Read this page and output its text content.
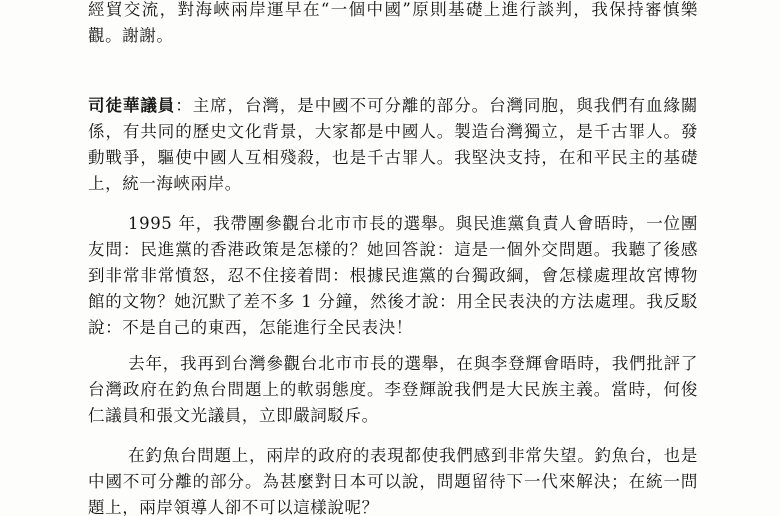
經貿交流，對海峽兩岸運早在“一個中國”原則基礎上進行談判，我保持審慎樂觀。謝謝。

司徒華議員：主席，台灣，是中國不可分離的部分。台灣同胞，與我們有血緣關係，有共同的歷史文化背景，大家都是中國人。製造台灣獨立，是千古罪人。發動戰爭，驅使中國人互相殘殺，也是千古罪人。我堅決支持，在和平民主的基礎上，統一海峽兩岸。

1995 年，我帶團參觀台北市市長的選舉。與民進黨負責人會晤時，一位團友問：民進黨的香港政策是怎樣的？她回答說：這是一個外交問題。我聽了後感到非常非常憤怒，忍不住接着問：根據民進黨的台獨政綱，會怎樣處理故宮博物館的文物？她沉默了差不多 1 分鐘，然後才說：用全民表決的方法處理。我反駁說：不是自己的東西，怎能進行全民表決！

去年，我再到台灣參觀台北市市長的選舉，在與李登輝會晤時，我們批評了台灣政府在釣魚台問題上的軟弱態度。李登輝說我們是大民族主義。當時，何俊仁議員和張文光議員，立即嚴詞駁斥。

在釣魚台問題上，兩岸的政府的表現都使我們感到非常失望。釣魚台，也是中國不可分離的部分。為甚麼對日本可以說，問題留待下一代來解決；在統一問題上，兩岸領導人卻不可以這樣說呢？
